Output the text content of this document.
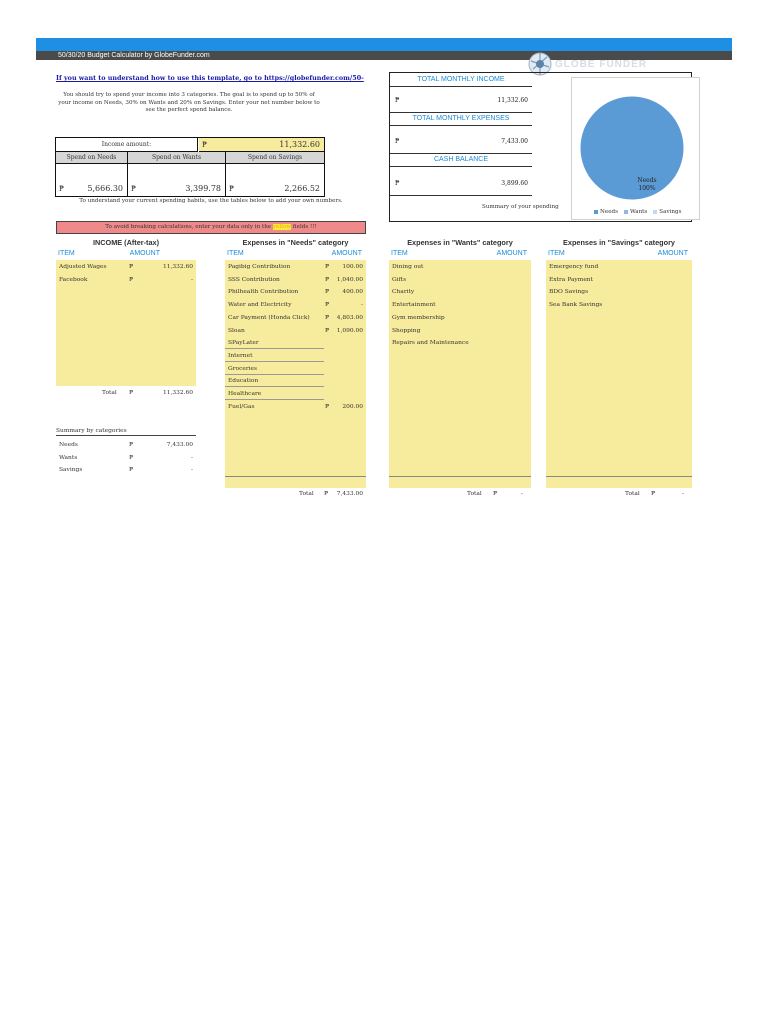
50/30/20 Budget Calculator by GlobeFunder.com
GLOBE FUNDER
If you want to understand how to use this template, go to https://globefunder.com/50-
You should try to spend your income into 3 categories. The goal is to spend up to 50% of your income on Needs, 30% on Wants and 20% on Savings. Enter your net number below to see the perfect spend balance.
Income amount:	₱	11,332.60
Spend on Needs	Spend on Wants	Spend on Savings
₱	5,666.30 ₱	3,399.78 ₱	2,266.52
To understand your current spending habits, use the tables below to add your own numbers.
To avoid breaking calculations, enter your data only in the yellow fields !!!
TOTAL MONTHLY INCOME
₱	11,332.60
TOTAL MONTHLY EXPENSES
₱	7,433.00
CASH BALANCE
₱	3,899.60
Summary of your spending
Needs
100%
Needs Wants Savings
INCOME (After-tax)
ITEM	AMOUNT
Adjusted Wages	₱	11,332.60
Facebook	₱	-
Total ₱	11,332.60
Summary by categories
Needs	₱	7,433.00
Wants	₱	-
Savings	₱	-
Expenses in "Needs" category
ITEM	AMOUNT
Pagibig Contribution	₱ 100.00
SSS Contribution	₱ 1,040.00
Philhealth Contribution	₱ 400.00
Water and Electricity	₱	-
Car Payment (Honda Click)	₱ 4,803.00
Sloan	₱ 1,090.00
SPayLater
Internet
Groceries
Education
Healthcare
Fuel/Gas	₱ 200.00
Total ₱ 7,433.00
Expenses in "Wants" category
ITEM	AMOUNT
Dining out
Gifts
Charity
Entertainment
Gym membership
Shopping
Repairs and Maintenance
Total ₱	-
Expenses in "Savings" category
ITEM	AMOUNT
Emergency fund
Extra Payment
BDO Savings
Sea Bank Savings
Total ₱	-
